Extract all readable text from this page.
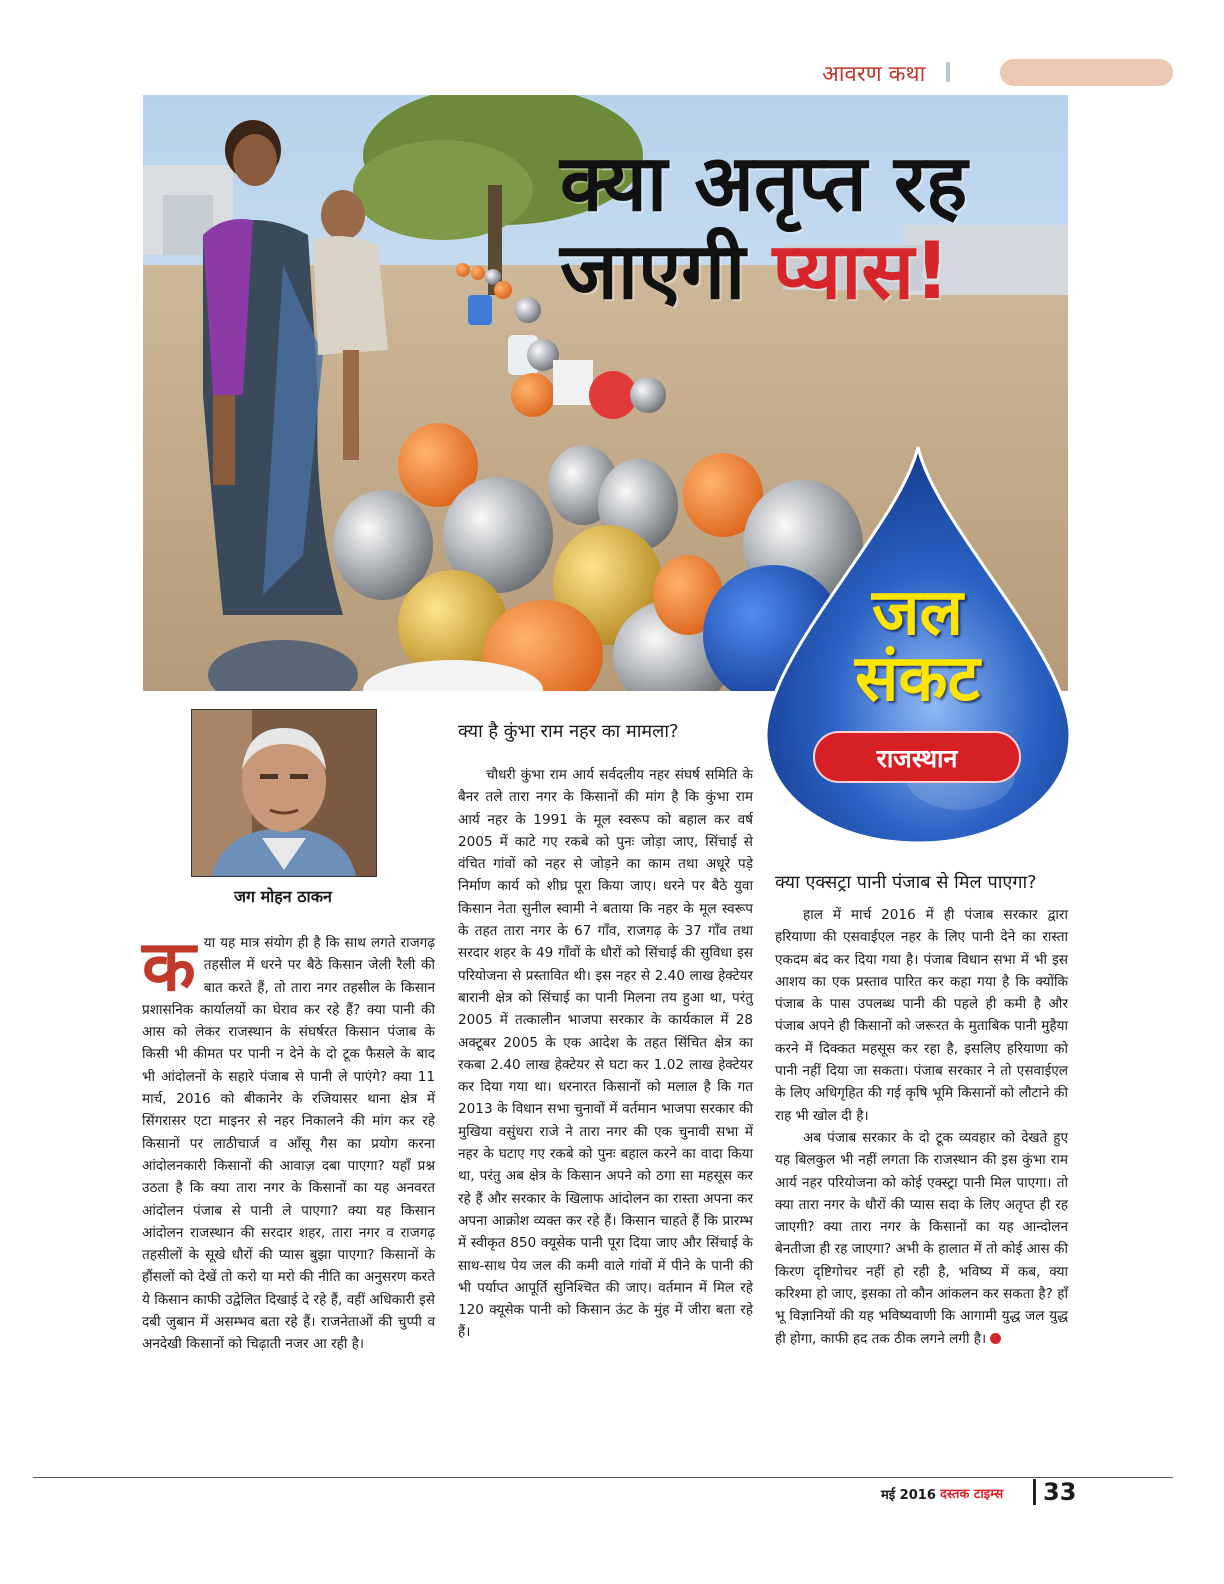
आवरण कथा
क्या अतृप्त रह
जाएगी प्यास!
जल
संकट
राजस्थान
जग मोहन ठाकन

कया यह मात्र संयोग ही है कि साथ लगते राजगढ़ तहसील में धरने पर बैठे किसान जेली रैली की बात करते हैं, तो तारा नगर तहसील के किसान प्रशासनिक कार्यालयों का घेराव कर रहे हैं? क्या पानी की आस को लेकर राजस्थान के संघर्षरत किसान पंजाब के किसी भी कीमत पर पानी न देने के दो टूक फैसले के बाद भी आंदोलनों के सहारे पंजाब से पानी ले पाएंगे? क्या 11 मार्च, 2016 को बीकानेर के रजियासर थाना क्षेत्र में सिंगरासर एटा माइनर से नहर निकालने की मांग कर रहे किसानों पर लाठीचार्ज व आँसू गैस का प्रयोग करना आंदोलनकारी किसानों की आवाज़ दबा पाएगा? यहाँ प्रश्न उठता है कि क्या तारा नगर के किसानों का यह अनवरत आंदोलन पंजाब से पानी ले पाएगा? क्या यह किसान आंदोलन राजस्थान की सरदार शहर, तारा नगर व राजगढ़ तहसीलों के सूखे धौरों की प्यास बुझा पाएगा? किसानों के हौंसलों को देखें तो करो या मरो की नीति का अनुसरण करते ये किसान काफी उद्वेलित दिखाई दे रहे हैं, वहीं अधिकारी इसे दबी जुबान में असम्भव बता रहे हैं। राजनेताओं की चुप्पी व अनदेखी किसानों को चिढ़ाती नजर आ रही है।

क्या है कुंभा राम नहर का मामला?

चौधरी कुंभा राम आर्य सर्वदलीय नहर संघर्ष समिति के बैनर तले तारा नगर के किसानों की मांग है कि कुंभा राम आर्य नहर के 1991 के मूल स्वरूप को बहाल कर वर्ष 2005 में काटे गए रकबे को पुनः जोड़ा जाए, सिंचाई से वंचित गांवों को नहर से जोड़ने का काम तथा अधूरे पड़े निर्माण कार्य को शीघ्र पूरा किया जाए। धरने पर बैठे युवा किसान नेता सुनील स्वामी ने बताया कि नहर के मूल स्वरूप के तहत तारा नगर के 67 गाँव, राजगढ़ के 37 गाँव तथा सरदार शहर के 49 गाँवों के धौरों को सिंचाई की सुविधा इस परियोजना से प्रस्तावित थी। इस नहर से 2.40 लाख हेक्टेयर बारानी क्षेत्र को सिंचाई का पानी मिलना तय हुआ था, परंतु 2005 में तत्कालीन भाजपा सरकार के कार्यकाल में 28 अक्टूबर 2005 के एक आदेश के तहत सिंचित क्षेत्र का रकबा 2.40 लाख हेक्टेयर से घटा कर 1.02 लाख हेक्टेयर कर दिया गया था। धरनारत किसानों को मलाल है कि गत 2013 के विधान सभा चुनावों में वर्तमान भाजपा सरकार की मुखिया वसुंधरा राजे ने तारा नगर की एक चुनावी सभा में नहर के घटाए गए रकबे को पुनः बहाल करने का वादा किया था, परंतु अब क्षेत्र के किसान अपने को ठगा सा महसूस कर रहे हैं और सरकार के खिलाफ आंदोलन का रास्ता अपना कर अपना आक्रोश व्यक्त कर रहे हैं। किसान चाहते हैं कि प्रारम्भ में स्वीकृत 850 क्यूसेक पानी पूरा दिया जाए और सिंचाई के साथ-साथ पेय जल की कमी वाले गांवों में पीने के पानी की भी पर्याप्त आपूर्ति सुनिश्चित की जाए। वर्तमान में मिल रहे 120 क्यूसेक पानी को किसान ऊंट के मुंह में जीरा बता रहे हैं।

क्या एक्सट्रा पानी पंजाब से मिल पाएगा?

हाल में मार्च 2016 में ही पंजाब सरकार द्वारा हरियाणा की एसवाईएल नहर के लिए पानी देने का रास्ता एकदम बंद कर दिया गया है। पंजाब विधान सभा में भी इस आशय का एक प्रस्ताव पारित कर कहा गया है कि क्योंकि पंजाब के पास उपलब्ध पानी की पहले ही कमी है और पंजाब अपने ही किसानों को जरूरत के मुताबिक पानी मुहैया करने में दिक्कत महसूस कर रहा है, इसलिए हरियाणा को पानी नहीं दिया जा सकता। पंजाब सरकार ने तो एसवाईएल के लिए अधिगृहित की गई कृषि भूमि किसानों को लौटाने की राह भी खोल दी है।

अब पंजाब सरकार के दो टूक व्यवहार को देखते हुए यह बिलकुल भी नहीं लगता कि राजस्थान की इस कुंभा राम आर्य नहर परियोजना को कोई एक्स्ट्रा पानी मिल पाएगा। तो क्या तारा नगर के धौरों की प्यास सदा के लिए अतृप्त ही रह जाएगी? क्या तारा नगर के किसानों का यह आन्दोलन बेनतीजा ही रह जाएगा? अभी के हालात में तो कोई आस की किरण दृष्टिगोचर नहीं हो रही है, भविष्य में कब, क्या करिश्मा हो जाए, इसका तो कौन आंकलन कर सकता है? हाँ भू विज्ञानियों की यह भविष्यवाणी कि आगामी युद्ध जल युद्ध ही होगा, काफी हद तक ठीक लगने लगी है।

मई 2016 दस्तक टाइम्स 33
